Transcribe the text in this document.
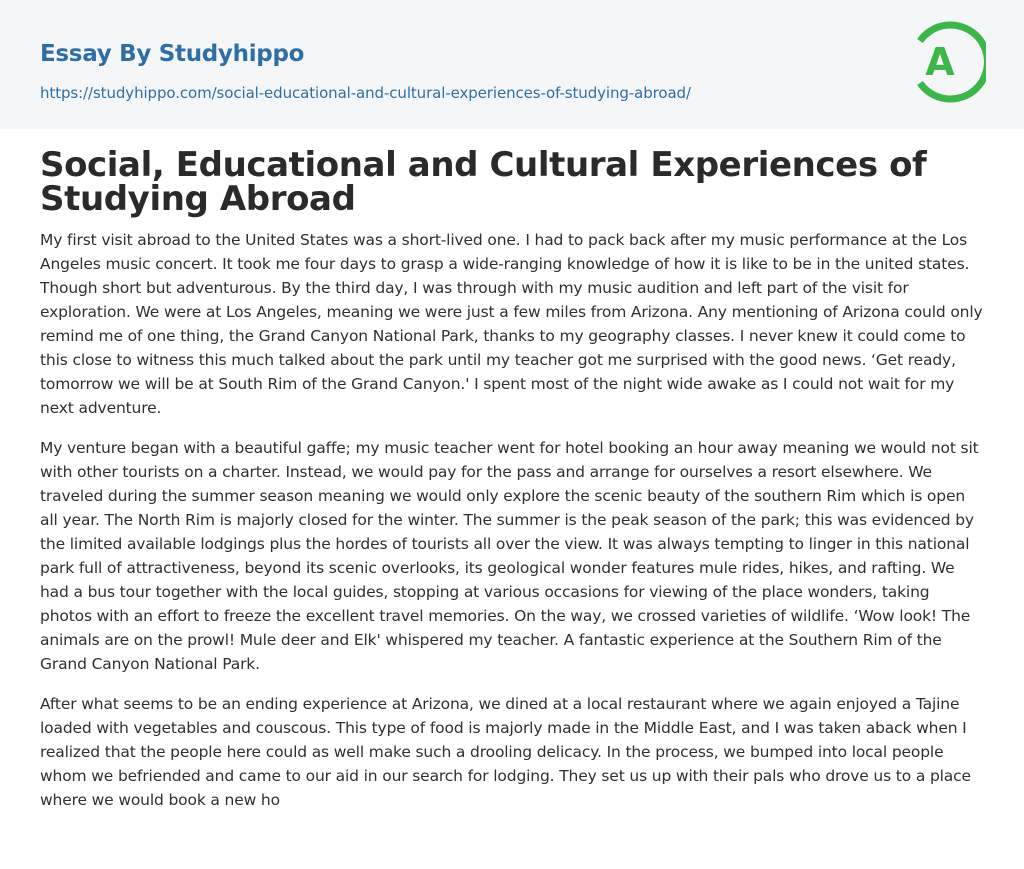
Essay By Studyhippo
https://studyhippo.com/social-educational-and-cultural-experiences-of-studying-abroad/
A
Social, Educational and Cultural Experiences of Studying Abroad

My first visit abroad to the United States was a short-lived one. I had to pack back after my music performance at the Los Angeles music concert. It took me four days to grasp a wide-ranging knowledge of how it is like to be in the united states. Though short but adventurous. By the third day, I was through with my music audition and left part of the visit for exploration. We were at Los Angeles, meaning we were just a few miles from Arizona. Any mentioning of Arizona could only remind me of one thing, the Grand Canyon National Park, thanks to my geography classes. I never knew it could come to this close to witness this much talked about the park until my teacher got me surprised with the good news. ‘Get ready, tomorrow we will be at South Rim of the Grand Canyon.' I spent most of the night wide awake as I could not wait for my next adventure.

My venture began with a beautiful gaffe; my music teacher went for hotel booking an hour away meaning we would not sit with other tourists on a charter. Instead, we would pay for the pass and arrange for ourselves a resort elsewhere. We traveled during the summer season meaning we would only explore the scenic beauty of the southern Rim which is open all year. The North Rim is majorly closed for the winter. The summer is the peak season of the park; this was evidenced by the limited available lodgings plus the hordes of tourists all over the view. It was always tempting to linger in this national park full of attractiveness, beyond its scenic overlooks, its geological wonder features mule rides, hikes, and rafting. We had a bus tour together with the local guides, stopping at various occasions for viewing of the place wonders, taking photos with an effort to freeze the excellent travel memories. On the way, we crossed varieties of wildlife. ‘Wow look! The animals are on the prowl! Mule deer and Elk' whispered my teacher. A fantastic experience at the Southern Rim of the Grand Canyon National Park.

After what seems to be an ending experience at Arizona, we dined at a local restaurant where we again enjoyed a Tajine loaded with vegetables and couscous. This type of food is majorly made in the Middle East, and I was taken aback when I realized that the people here could as well make such a drooling delicacy. In the process, we bumped into local people whom we befriended and came to our aid in our search for lodging. They set us up with their pals who drove us to a place where we would book a new ho
